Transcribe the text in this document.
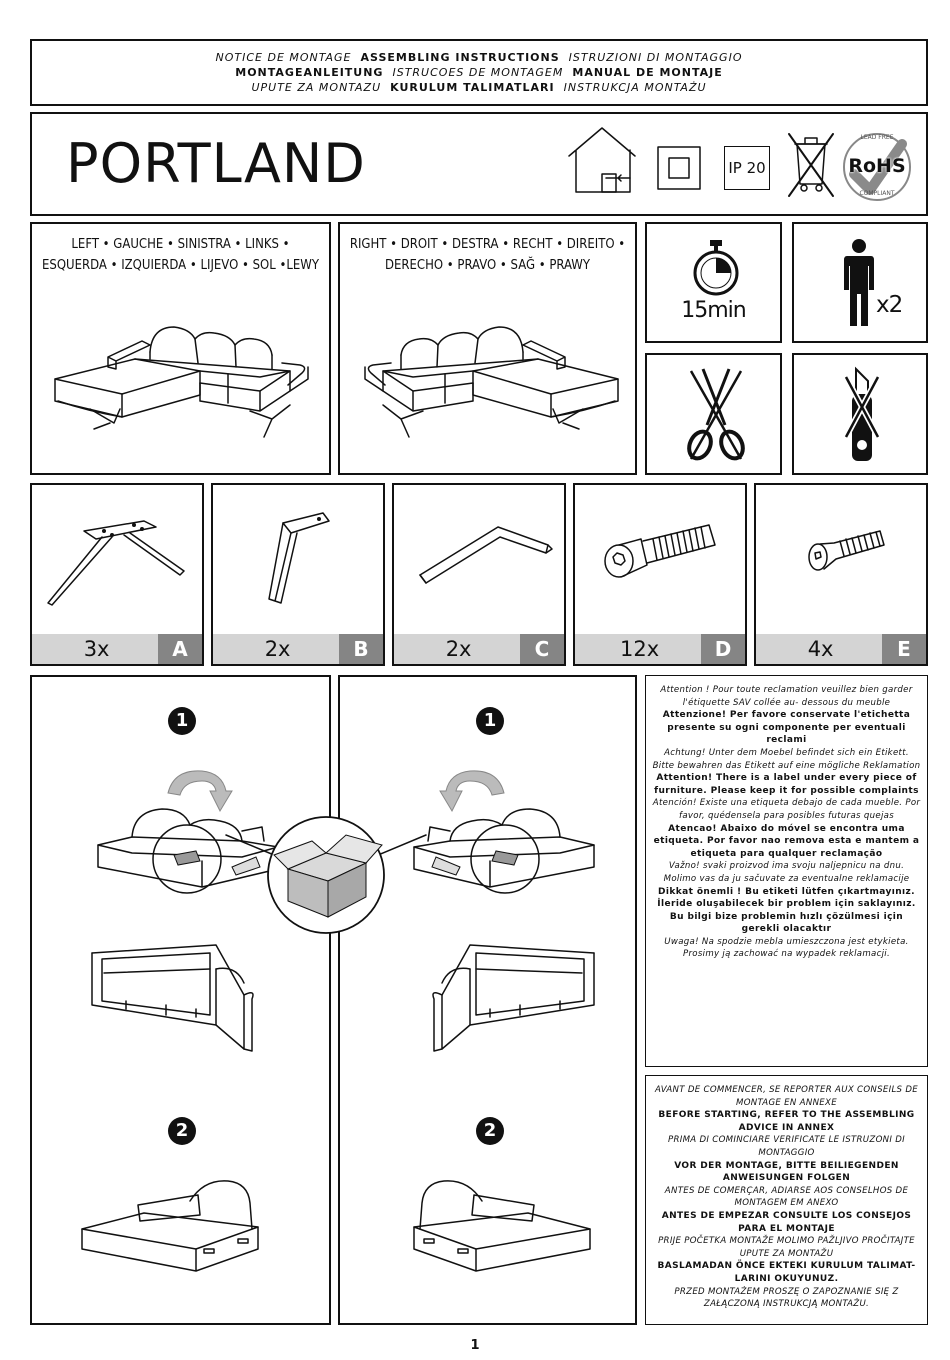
NOTICE DE MONTAGE ASSEMBLING INSTRUCTIONS ISTRUZIONI DI MONTAGGIO
MONTAGEANLEITUNG ISTRUCOES DE MONTAGEM MANUAL DE MONTAJE
UPUTE ZA MONTAZU KURULUM TALIMATLARI INSTRUKCJA MONTAŻU
PORTLAND	IP 20
LEAD FREE
RoHS
COMPLIANT
LEFT • GAUCHE • SINISTRA • LINKS •
ESQUERDA • IZQUIERDA • LIJEVO • SOL •LEWY
RIGHT • DROIT • DESTRA • RECHT • DIREITO •
DERECHO • PRAVO • SAĞ • PRAWY
15min	x2
3x	A	2x	B	2x	C	12x	D	4x	E
1
2
1
2
Attention ! Pour toute reclamation veuillez bien garder l'étiquette SAV collée au- dessous du meuble
Attenzione! Per favore conservate l'etichetta presente su ogni componente per eventuali reclami
Achtung! Unter dem Moebel befindet sich ein Etikett. Bitte bewahren das Etikett auf eine mögliche Reklamation
Attention! There is a label under every piece of furniture. Please keep it for possible complaints
Atención! Existe una etiqueta debajo de cada mueble. Por favor, quédensela para posibles futuras quejas
Atencao! Abaixo do móvel se encontra uma etiqueta. Por favor nao remova esta e mantem a etiqueta para qualquer reclamação
Važno! svaki proizvod ima svoju naljepnicu na dnu. Molimo vas da ju sačuvate za eventualne reklamacije
Dikkat önemli ! Bu etiketi lütfen çıkartmayınız. İleride oluşabilecek bir problem için saklayınız. Bu bilgi bize problemin hızlı çözülmesi için gerekli olacaktır
Uwaga! Na spodzie mebla umieszczona jest etykieta. Prosimy ją zachować na wypadek reklamacji.
AVANT DE COMMENCER, SE REPORTER AUX CONSEILS DE MONTAGE EN ANNEXE
BEFORE STARTING, REFER TO THE ASSEMBLING ADVICE IN ANNEX
PRIMA DI COMINCIARE VERIFICATE LE ISTRUZONI DI MONTAGGIO
VOR DER MONTAGE, BITTE BEILIEGENDEN ANWEISUNGEN FOLGEN
ANTES DE COMERÇAR, ADIARSE AOS CONSELHOS DE MONTAGEM EM ANEXO
ANTES DE EMPEZAR CONSULTE LOS CONSEJOS PARA EL MONTAJE
PRIJE POČETKA MONTAŽE MOLIMO PAŽLJIVO PROČITAJTE UPUTE ZA MONTAŽU
BASLAMADAN ÖNCE EKTEKI KURULUM TALIMAT-LARINI OKUYUNUZ.
PRZED MONTAŻEM PROSZĘ O ZAPOZNANIE SIĘ Z ZAŁĄCZONĄ INSTRUKCJĄ MONTAŻU.
1
